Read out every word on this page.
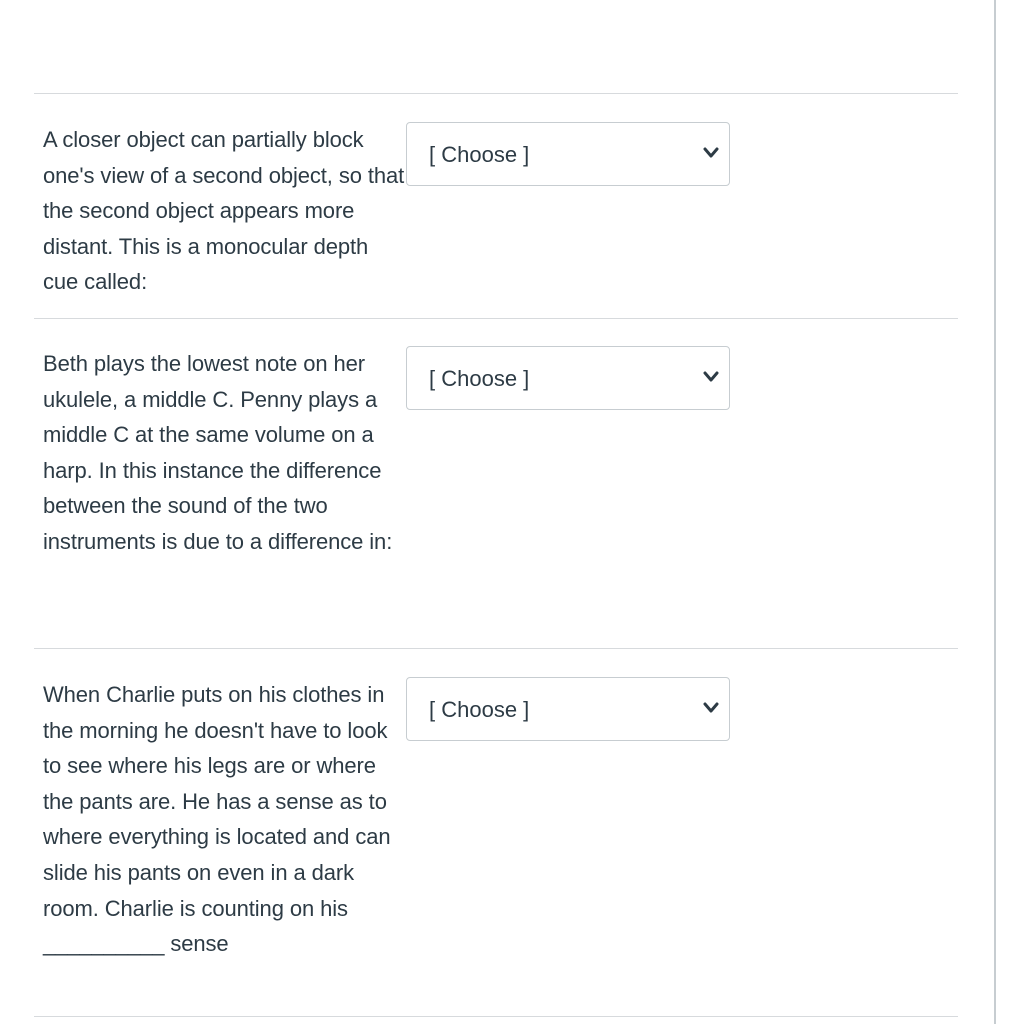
A closer object can partially block one's view of a second object, so that the second object appears more distant. This is a monocular depth cue called:

[ Choose ]

Beth plays the lowest note on her ukulele, a middle C. Penny plays a middle C at the same volume on a harp. In this instance the difference between the sound of the two instruments is due to a difference in:

[ Choose ]

When Charlie puts on his clothes in the morning he doesn't have to look to see where his legs are or where the pants are. He has a sense as to where everything is located and can slide his pants on even in a dark room. Charlie is counting on his __________ sense

[ Choose ]
